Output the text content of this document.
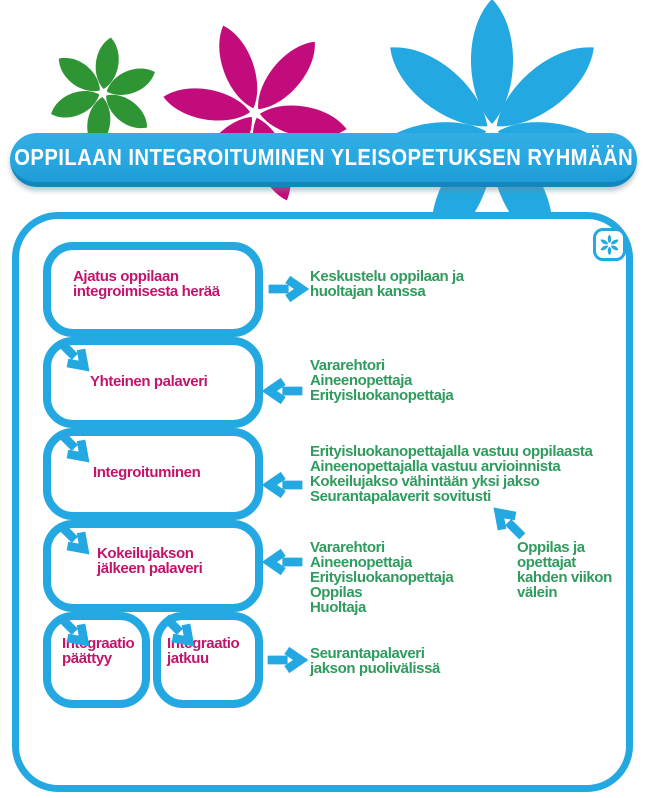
OPPILAAN INTEGROITUMINEN YLEISOPETUKSEN RYHMÄÄN
Ajatus oppilaan
integroimisesta herää
Yhteinen palaveri
Integroituminen
Kokeilujakson
jälkeen palaveri
Integraatio
päättyy
Integraatio
jatkuu
Keskustelu oppilaan ja
huoltajan kanssa
Vararehtori
Aineenopettaja
Erityisluokanopettaja
Erityisluokanopettajalla vastuu oppilaasta
Aineenopettajalla vastuu arvioinnista
Kokeilujakso vähintään yksi jakso
Seurantapalaverit sovitusti
Vararehtori
Aineenopettaja
Erityisluokanopettaja
Oppilas
Huoltaja
Oppilas ja
opettajat
kahden viikon
välein
Seurantapalaveri
jakson puolivälissä
